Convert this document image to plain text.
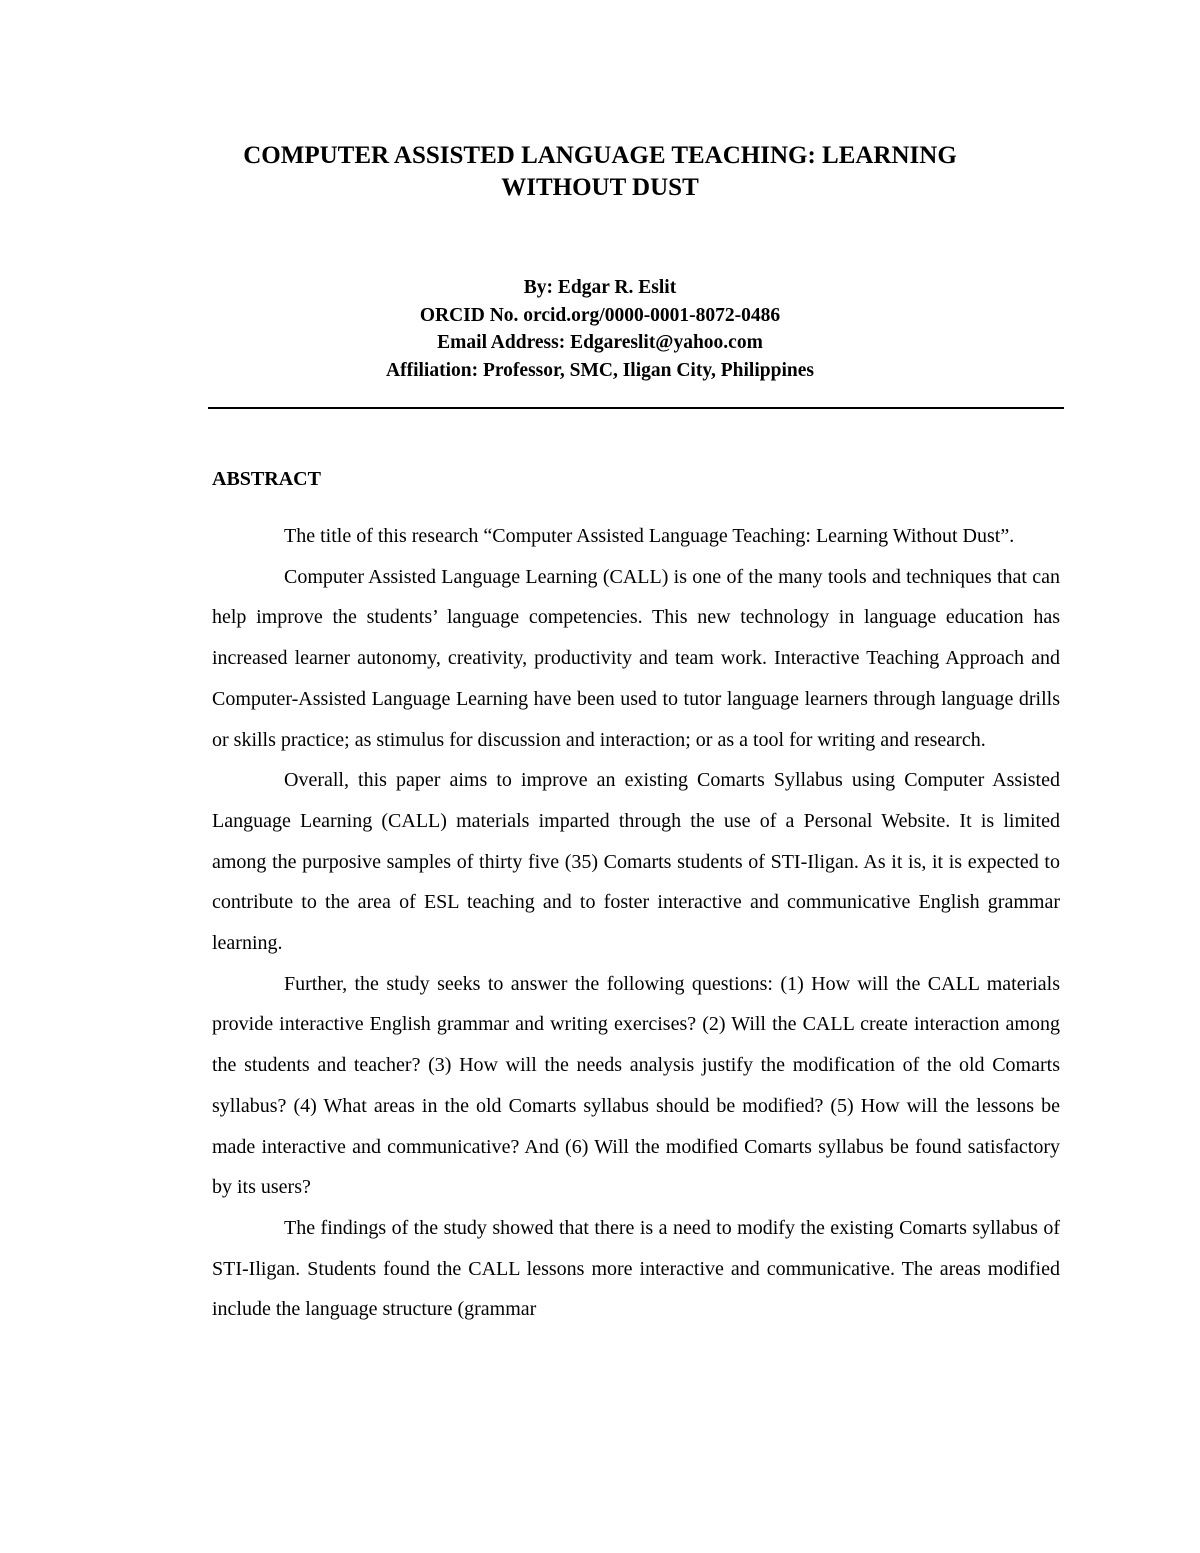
COMPUTER ASSISTED LANGUAGE TEACHING: LEARNING
WITHOUT DUST
By: Edgar R. Eslit
ORCID No. orcid.org/0000-0001-8072-0486
Email Address: Edgareslit@yahoo.com
Affiliation: Professor, SMC, Iligan City, Philippines
ABSTRACT

The title of this research “Computer Assisted Language Teaching: Learning Without Dust”.

Computer Assisted Language Learning (CALL) is one of the many tools and techniques that can help improve the students’ language competencies. This new technology in language education has increased learner autonomy, creativity, productivity and team work. Interactive Teaching Approach and Computer-Assisted Language Learning have been used to tutor language learners through language drills or skills practice; as stimulus for discussion and interaction; or as a tool for writing and research.

Overall, this paper aims to improve an existing Comarts Syllabus using Computer Assisted Language Learning (CALL) materials imparted through the use of a Personal Website. It is limited among the purposive samples of thirty five (35) Comarts students of STI-Iligan. As it is, it is expected to contribute to the area of ESL teaching and to foster interactive and communicative English grammar learning.

Further, the study seeks to answer the following questions: (1) How will the CALL materials provide interactive English grammar and writing exercises? (2) Will the CALL create interaction among the students and teacher? (3) How will the needs analysis justify the modification of the old Comarts syllabus? (4) What areas in the old Comarts syllabus should be modified? (5) How will the lessons be made interactive and communicative? And (6) Will the modified Comarts syllabus be found satisfactory by its users?

The findings of the study showed that there is a need to modify the existing Comarts syllabus of STI-Iligan. Students found the CALL lessons more interactive and communicative. The areas modified include the language structure (grammar
